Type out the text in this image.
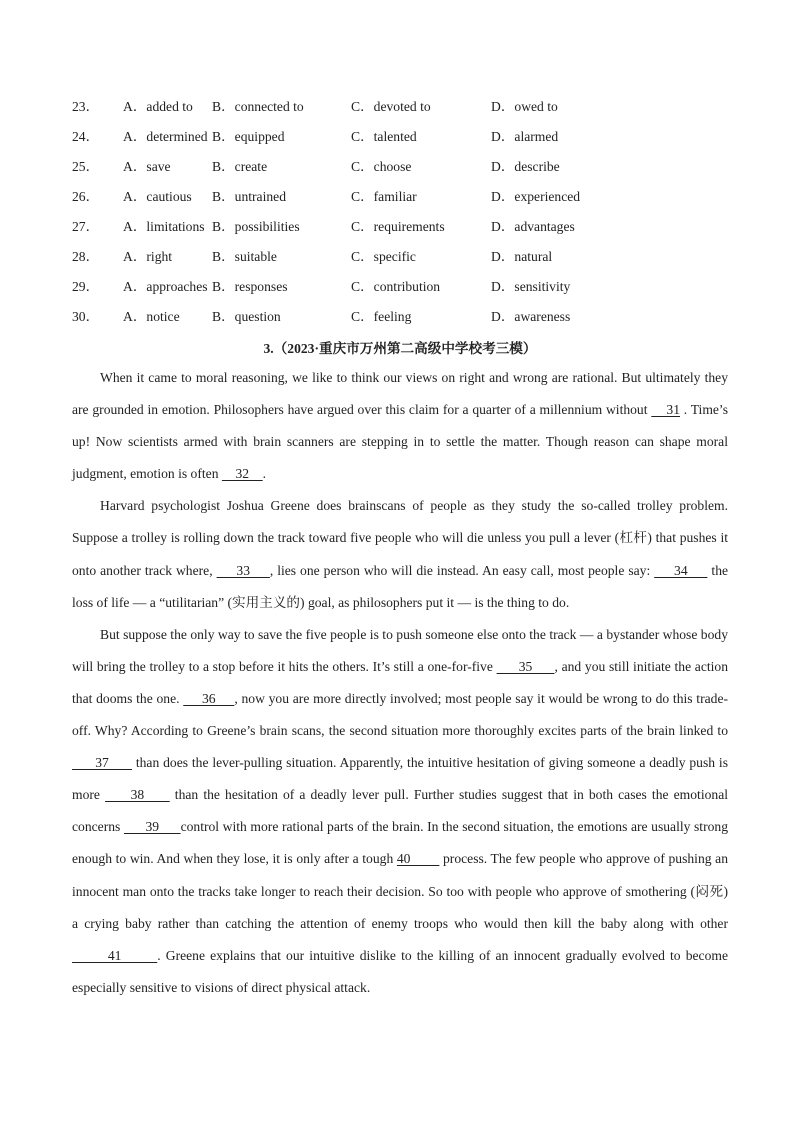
23． A．added to B．connected to	C．devoted to	D．owed to
24． A．determined B．equipped	C．talented	D．alarmed
25． A．save	B．create	C．choose	D．describe
26． A．cautious B．untrained	C．familiar	D．experienced
27． A．limitations B．possibilities	C．requirements	D．advantages
28． A．right	B．suitable	C．specific	D．natural
29． A．approaches B．responses	C．contribution	D．sensitivity
30． A．notice B．question	C．feeling	D．awareness
3.（2023·重庆市万州第二高级中学校考三模）

When it came to moral reasoning, we like to think our views on right and wrong are rational. But ultimately they are grounded in emotion. Philosophers have argued over this claim for a quarter of a millennium without     31 . Time’s up! Now scientists armed with brain scanners are stepping in to settle the matter. Though reason can shape moral judgment, emotion is often     32    .

Harvard psychologist Joshua Greene does brainscans of people as they study the so-called trolley problem. Suppose a trolley is rolling down the track toward five people who will die unless you pull a lever (杠杆) that pushes it onto another track where,      33     , lies one person who will die instead. An easy call, most people say:      34      the loss of life — a “utilitarian” (实用主义的) goal, as philosophers put it — is the thing to do.

But suppose the only way to save the five people is to push someone else onto the track — a bystander whose body will bring the trolley to a stop before it hits the others. It’s still a one-for-five       35      , and you still initiate the action that dooms the one.      36     , now you are more directly involved; most people say it would be wrong to do this trade-off. Why? According to Greene’s brain scans, the second situation more thoroughly excites parts of the brain linked to       37       than does the lever-pulling situation. Apparently, the intuitive hesitation of giving someone a deadly push is more      38      than the hesitation of a deadly lever pull. Further studies suggest that in both cases the emotional concerns       39      control with more rational parts of the brain. In the second situation, the emotions are usually strong enough to win. And when they lose, it is only after a tough 40         process. The few people who approve of pushing an innocent man onto the tracks take longer to reach their decision. So too with people who approve of smothering (闷死) a crying baby rather than catching the attention of enemy troops who would then kill the baby along with other        41       . Greene explains that our intuitive dislike to the killing of an innocent gradually evolved to become especially sensitive to visions of direct physical attack.
